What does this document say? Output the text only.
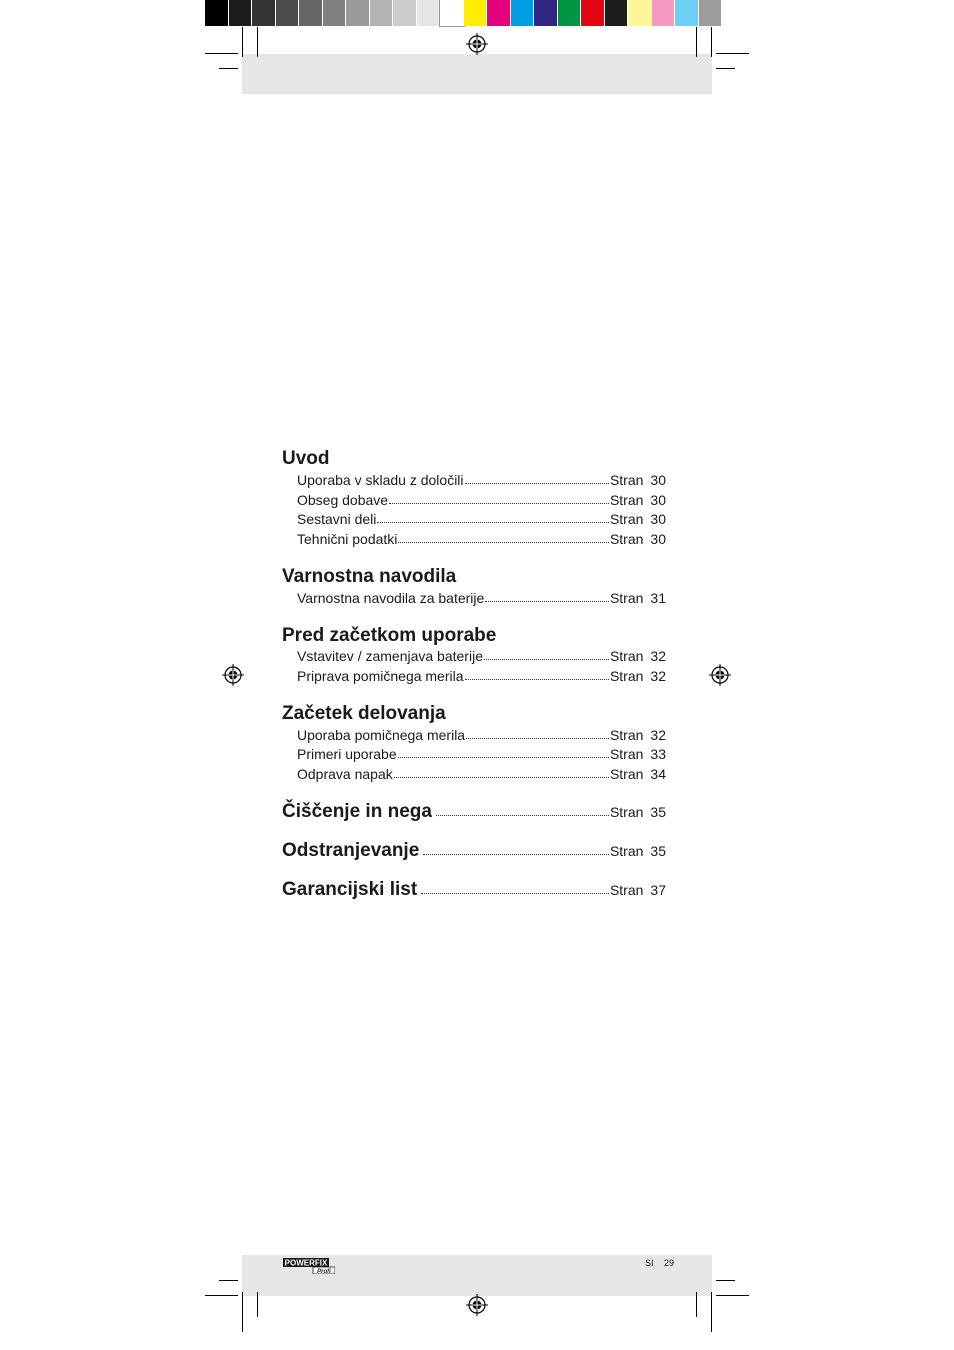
Uvod
Uporaba v skladu z določili	Stran 30
Obseg dobave	Stran 30
Sestavni deli	Stran 30
Tehnični podatki	Stran 30
Varnostna navodila
Varnostna navodila za baterije	Stran 31
Pred začetkom uporabe
Vstavitev / zamenjava baterije	Stran 32
Priprava pomičnega merila	Stran 32
Začetek delovanja
Uporaba pomičnega merila	Stran 32
Primeri uporabe	Stran 33
Odprava napak	Stran 34
Čiščenje in nega	Stran 35
Odstranjevanje	Stran 35
Garancijski list	Stran 37
POWERFIX
Profi
SI 29
